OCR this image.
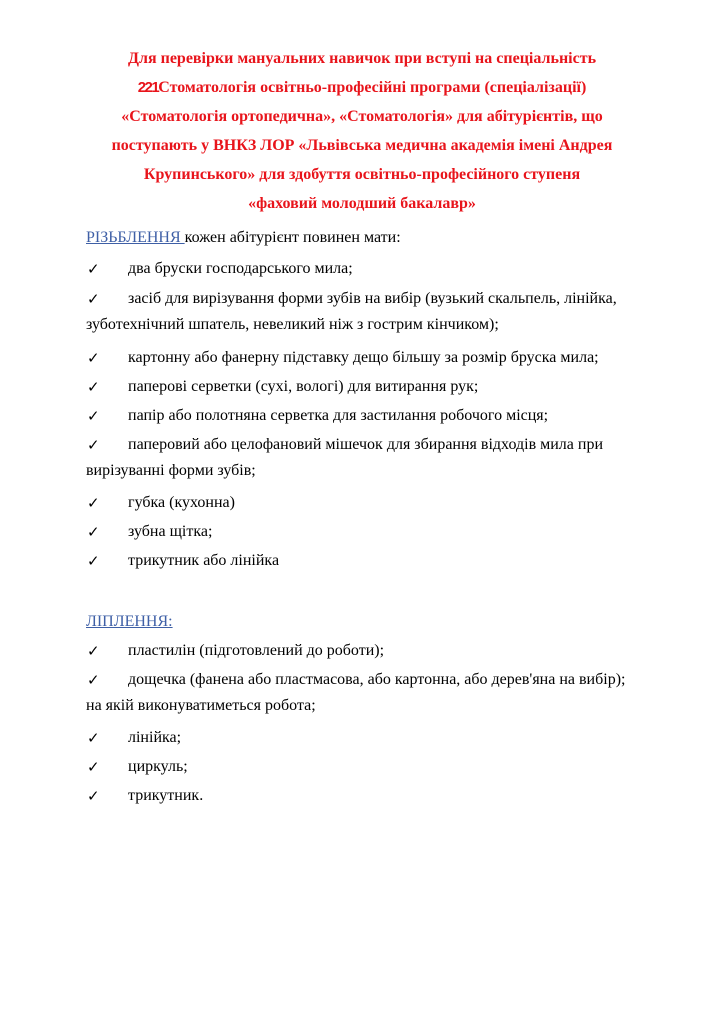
Для перевірки мануальних навичок при вступі на спеціальність
221Стоматологія освітньо-професійні програми (спеціалізації)
«Стоматологія ортопедична», «Стоматологія» для абітурієнтів, що
поступають у ВНКЗ ЛОР «Львівська медична академія імені Андрея
Крупинського» для здобуття освітньо-професійного ступеня
«фаховий молодший бакалавр»
РІЗЬБЛЕННЯ кожен абітурієнт повинен мати:
✓ два бруски господарського мила;
✓ засіб для вирізування форми зубів на вибір (вузький скальпель, лінійка,
зуботехнічний шпатель, невеликий ніж з гострим кінчиком);
✓ картонну або фанерну підставку дещо більшу за розмір бруска мила;
✓ паперові серветки (сухі, вологі) для витирання рук;
✓ папір або полотняна серветка для застилання робочого місця;
✓ паперовий або целофановий мішечок для збирання відходів мила при
вирізуванні форми зубів;
✓ губка (кухонна)
✓ зубна щітка;
✓ трикутник або лінійка
ЛІПЛЕННЯ:
✓ пластилін (підготовлений до роботи);
✓ дощечка (фанена або пластмасова, або картонна, або дерев'яна на вибір);
на якій виконуватиметься робота;
✓ лінійка;
✓ циркуль;
✓ трикутник.
